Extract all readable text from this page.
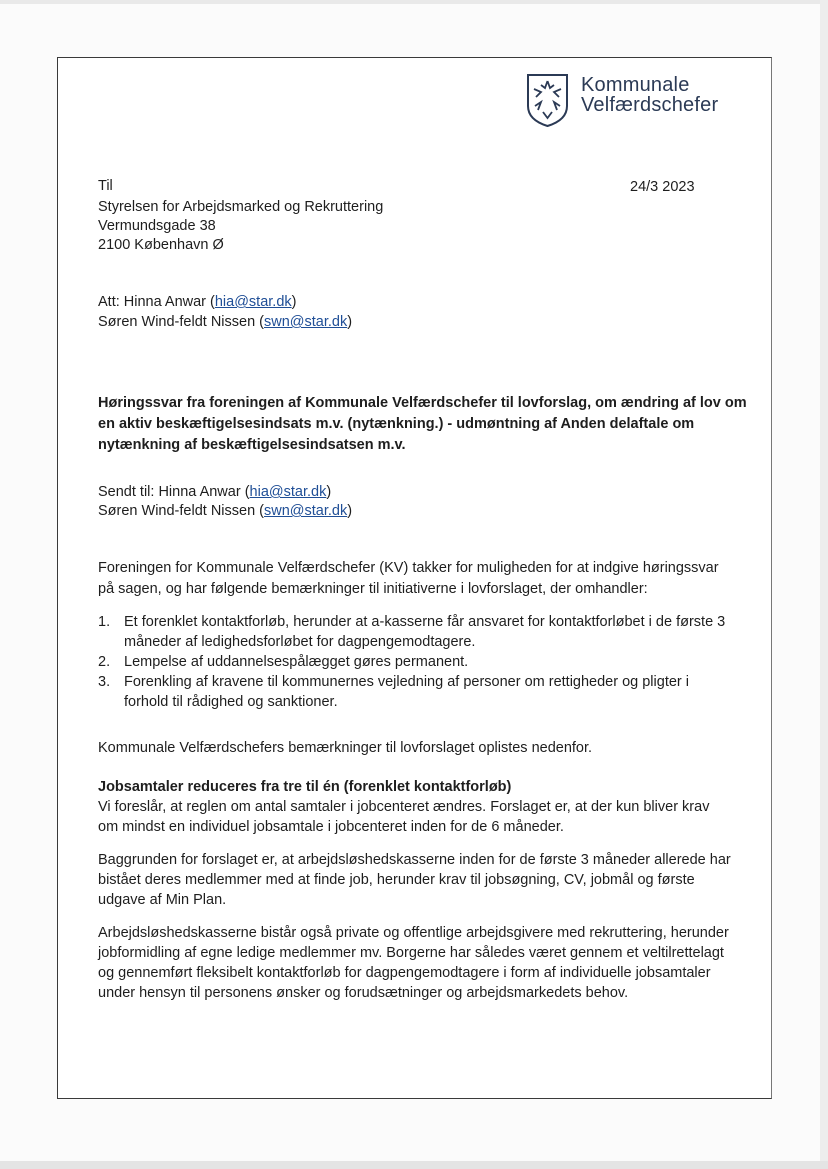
Kommunale
Velfærdschefer
Til
Styrelsen for Arbejdsmarked og Rekruttering
Vermundsgade 38
2100 København Ø
24/3 2023
Att: Hinna Anwar (hia@star.dk)
Søren Wind-feldt Nissen (swn@star.dk)
Høringssvar fra foreningen af Kommunale Velfærdschefer til lovforslag, om ændring af lov om
en aktiv beskæftigelsesindsats m.v. (nytænkning.) - udmøntning af Anden delaftale om
nytænkning af beskæftigelsesindsatsen m.v.
Sendt til: Hinna Anwar (hia@star.dk)
Søren Wind-feldt Nissen (swn@star.dk)
Foreningen for Kommunale Velfærdschefer (KV) takker for muligheden for at indgive høringssvar
på sagen, og har følgende bemærkninger til initiativerne i lovforslaget, der omhandler:
1. Et forenklet kontaktforløb, herunder at a-kasserne får ansvaret for kontaktforløbet i de første 3
måneder af ledighedsforløbet for dagpengemodtagere.
2. Lempelse af uddannelsespålægget gøres permanent.
3. Forenkling af kravene til kommunernes vejledning af personer om rettigheder og pligter i
forhold til rådighed og sanktioner.
Kommunale Velfærdschefers bemærkninger til lovforslaget oplistes nedenfor.
Jobsamtaler reduceres fra tre til én (forenklet kontaktforløb)
Vi foreslår, at reglen om antal samtaler i jobcenteret ændres. Forslaget er, at der kun bliver krav
om mindst en individuel jobsamtale i jobcenteret inden for de 6 måneder.
Baggrunden for forslaget er, at arbejdsløshedskasserne inden for de første 3 måneder allerede har
bistået deres medlemmer med at finde job, herunder krav til jobsøgning, CV, jobmål og første
udgave af Min Plan.
Arbejdsløshedskasserne bistår også private og offentlige arbejdsgivere med rekruttering, herunder
jobformidling af egne ledige medlemmer mv. Borgerne har således været gennem et veltilrettelagt
og gennemført fleksibelt kontaktforløb for dagpengemodtagere i form af individuelle jobsamtaler
under hensyn til personens ønsker og forudsætninger og arbejdsmarkedets behov.
